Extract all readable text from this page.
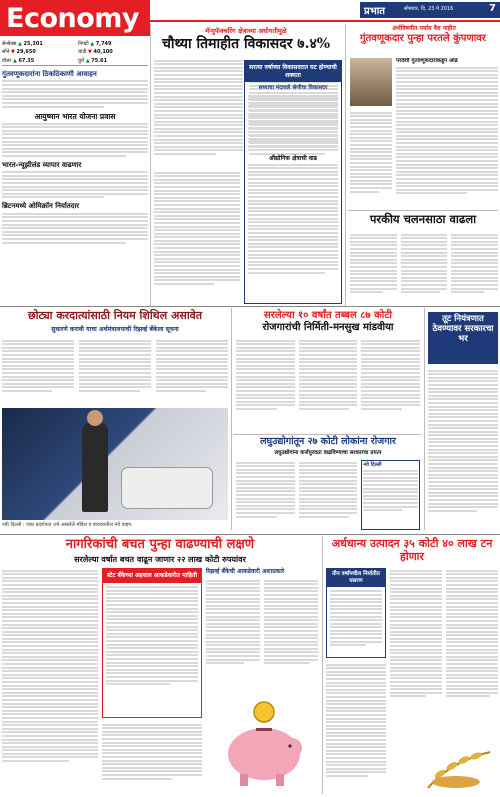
Economy	प्रभात	सोमवार, दि. 23 मे 2016	7
सेन्सेक्स ▲ 25,301	निफ्टी ▲ 7,749
सोने ▼ 29,650	चांदी ▼ 40,100
डॉलर ▲ 67.35	युरो ▲ 75.61
गुंतवणूकदारांना ठिकठिकाणी आवाहन
आयुष्मान भारत योजना प्रवास
भारत-न्यूझीलंड व्यापार वाढणार
ब्रिटनमध्ये ओमिक्रॉन निर्यातदार
मॅन्युफॅक्चरिंग क्षेत्राच्या अधोगतीमुळे
चौथ्या तिमाहीत विकासदर ७.४%
सरत्या वर्षाच्या विकासदरात घट होण्याची शक्यता
सध्याचा मंदावले श्रेणीचा विकासदर
औद्योगिक क्षेत्राची वाढ
अर्थविषयीत पर्याय वैध नाहीत
गुंतवणूकदार पुन्हा परतले कुंपणावर
परदेशी गुंतवणूकदारांकडून ओढ
परकीय चलनसाठा वाढला
छोट्या करदात्यांसाठी नियम शिथिल असावेत
सुधारणे करावी याचा अर्थमंत्रालयाची रिझर्व्ह बँकेला सूचना
नवी दिल्ली : एका प्रदर्शनात उभे असलेले मॉडेल व बाजारातील नवे वाहन.
सरलेल्या १० वर्षांत तब्बल ८७ कोटी
रोजगारांची निर्मिती-मनसुख मांडवीया
लघुउद्योगांतून २७ कोटी लोकांना रोजगार
लघुउद्योगांना कर्जपुरवठा वाढविण्याचा सरकारचा प्रयत्न
नवे दिल्ली
तूट नियंत्रणात ठेवण्यावर सरकारचा भर
नागरिकांची बचत पुन्हा वाढण्याची लक्षणे
सरलेल्या वर्षात बचत वाढून जाणार २२ लाख कोटी रुपयांवर
स्टेट बँकेच्या अहवाल आकडेवारीत माहिती
रिझर्व्ह बँकेची आकडेवारी अशाप्रकारे
अर्धधान्य उत्पादन ३५ कोटी ४० लाख टन होणार
तीन वर्षांमधील निर्यातीत घसरण
